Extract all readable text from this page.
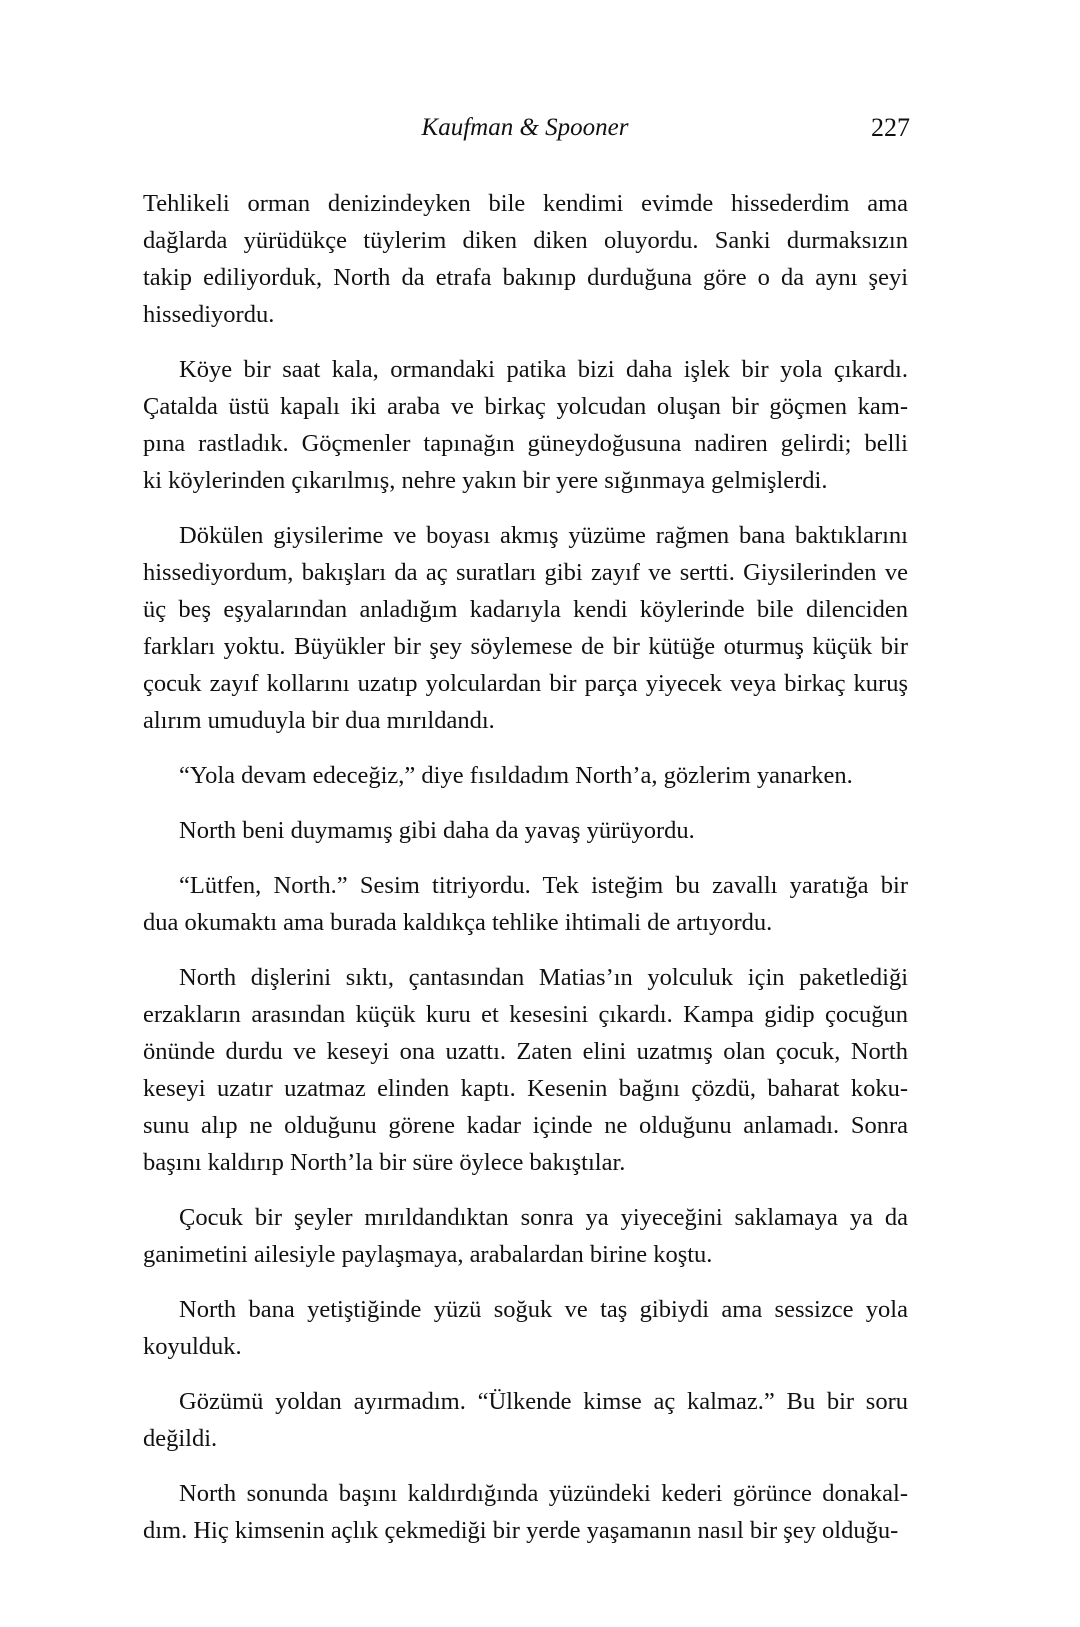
Kaufman & Spooner	227

Tehlikeli orman denizindeyken bile kendimi evimde hissederdim ama
dağlarda yürüdükçe tüylerim diken diken oluyordu. Sanki durmaksızın
takip ediliyorduk, North da etrafa bakınıp durduğuna göre o da aynı şeyi
hissediyordu.

Köye bir saat kala, ormandaki patika bizi daha işlek bir yola çıkardı.
Çatalda üstü kapalı iki araba ve birkaç yolcudan oluşan bir göçmen kam-
pına rastladık. Göçmenler tapınağın güneydoğusuna nadiren gelirdi; belli
ki köylerinden çıkarılmış, nehre yakın bir yere sığınmaya gelmişlerdi.

Dökülen giysilerime ve boyası akmış yüzüme rağmen bana baktıklarını
hissediyordum, bakışları da aç suratları gibi zayıf ve sertti. Giysilerinden ve
üç beş eşyalarından anladığım kadarıyla kendi köylerinde bile dilenciden
farkları yoktu. Büyükler bir şey söylemese de bir kütüğe oturmuş küçük bir
çocuk zayıf kollarını uzatıp yolculardan bir parça yiyecek veya birkaç kuruş
alırım umuduyla bir dua mırıldandı.

“Yola devam edeceğiz,” diye fısıldadım North’a, gözlerim yanarken.

North beni duymamış gibi daha da yavaş yürüyordu.

“Lütfen, North.” Sesim titriyordu. Tek isteğim bu zavallı yaratığa bir
dua okumaktı ama burada kaldıkça tehlike ihtimali de artıyordu.

North dişlerini sıktı, çantasından Matias’ın yolculuk için paketlediği
erzakların arasından küçük kuru et kesesini çıkardı. Kampa gidip çocuğun
önünde durdu ve keseyi ona uzattı. Zaten elini uzatmış olan çocuk, North
keseyi uzatır uzatmaz elinden kaptı. Kesenin bağını çözdü, baharat koku-
sunu alıp ne olduğunu görene kadar içinde ne olduğunu anlamadı. Sonra
başını kaldırıp North’la bir süre öylece bakıştılar.

Çocuk bir şeyler mırıldandıktan sonra ya yiyeceğini saklamaya ya da
ganimetini ailesiyle paylaşmaya, arabalardan birine koştu.

North bana yetiştiğinde yüzü soğuk ve taş gibiydi ama sessizce yola
koyulduk.

Gözümü yoldan ayırmadım. “Ülkende kimse aç kalmaz.” Bu bir soru
değildi.

North sonunda başını kaldırdığında yüzündeki kederi görünce donakal-
dım. Hiç kimsenin açlık çekmediği bir yerde yaşamanın nasıl bir şey olduğu-
